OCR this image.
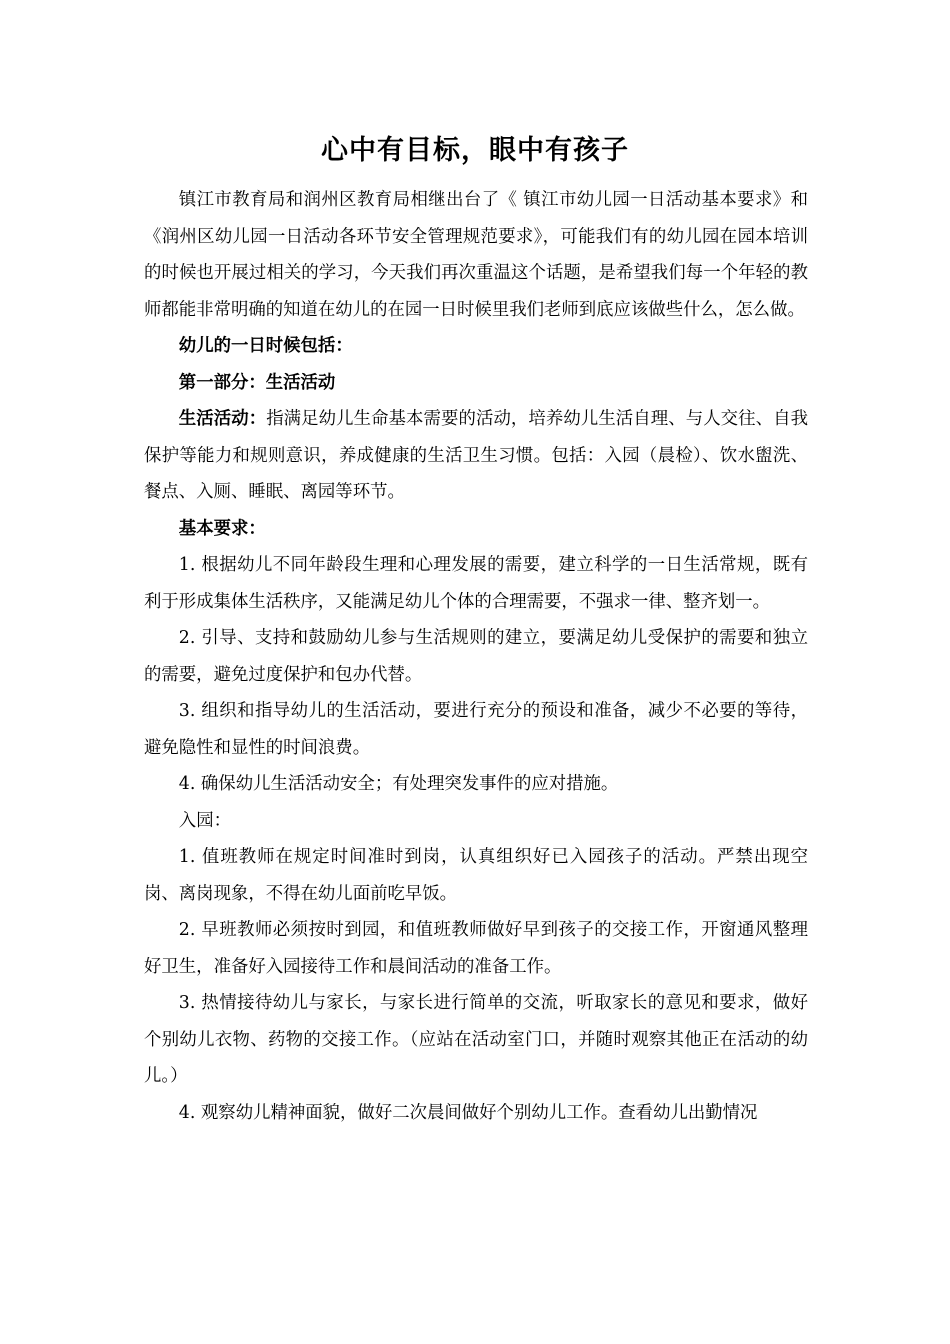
心中有目标，眼中有孩子

镇江市教育局和润州区教育局相继出台了《 镇江市幼儿园一日活动基本要求》和《润州区幼儿园一日活动各环节安全管理规范要求》，可能我们有的幼儿园在园本培训的时候也开展过相关的学习，今天我们再次重温这个话题，是希望我们每一个年轻的教师都能非常明确的知道在幼儿的在园一日时候里我们老师到底应该做些什么，怎么做。

幼儿的一日时候包括：

第一部分：生活活动

生活活动：指满足幼儿生命基本需要的活动，培养幼儿生活自理、与人交往、自我保护等能力和规则意识，养成健康的生活卫生习惯。包括：入园（晨检）、饮水盥洗、餐点、入厕、睡眠、离园等环节。

基本要求：

1. 根据幼儿不同年龄段生理和心理发展的需要，建立科学的一日生活常规，既有利于形成集体生活秩序，又能满足幼儿个体的合理需要，不强求一律、整齐划一。

2. 引导、支持和鼓励幼儿参与生活规则的建立，要满足幼儿受保护的需要和独立的需要，避免过度保护和包办代替。

3. 组织和指导幼儿的生活活动，要进行充分的预设和准备，减少不必要的等待，避免隐性和显性的时间浪费。

4. 确保幼儿生活活动安全；有处理突发事件的应对措施。

入园：

1. 值班教师在规定时间准时到岗，认真组织好已入园孩子的活动。严禁出现空岗、离岗现象，不得在幼儿面前吃早饭。

2. 早班教师必须按时到园，和值班教师做好早到孩子的交接工作，开窗通风整理好卫生，准备好入园接待工作和晨间活动的准备工作。

3. 热情接待幼儿与家长，与家长进行简单的交流，听取家长的意见和要求，做好个别幼儿衣物、药物的交接工作。（应站在活动室门口，并随时观察其他正在活动的幼儿。）

4. 观察幼儿精神面貌，做好二次晨间做好个别幼儿工作。查看幼儿出勤情况
